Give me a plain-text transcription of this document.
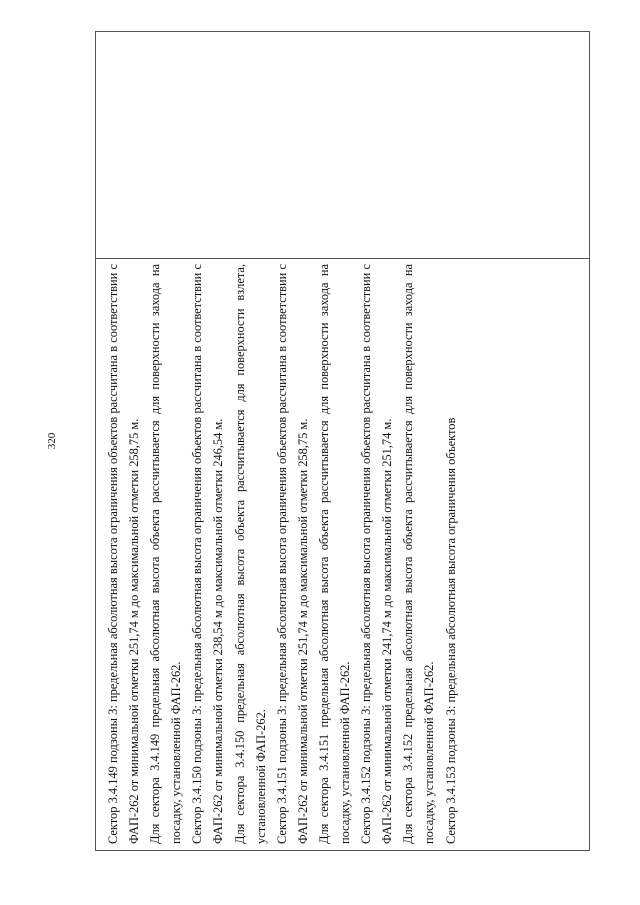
320	Сектор 3.4.149 подзоны 3: предельная абсолютная высота ограничения объектов рассчитана в соответствии с ФАП-262 от минимальной отметки 251,74 м до максимальной отметки 258,75 м. Для сектора 3.4.149 предельная абсолютная высота объекта рассчитывается для поверхности захода на посадку, установленной ФАП-262. Сектор 3.4.150 подзоны 3: предельная абсолютная высота ограничения объектов рассчитана в соответствии с ФАП-262 от минимальной отметки 238,54 м до максимальной отметки 246,54 м. Для сектора 3.4.150 предельная абсолютная высота объекта рассчитывается для поверхности взлета, установленной ФАП-262. Сектор 3.4.151 подзоны 3: предельная абсолютная высота ограничения объектов рассчитана в соответствии с ФАП-262 от минимальной отметки 251,74 м до максимальной отметки 258,75 м. Для сектора 3.4.151 предельная абсолютная высота объекта рассчитывается для поверхности захода на посадку, установленной ФАП-262. Сектор 3.4.152 подзоны 3: предельная абсолютная высота ограничения объектов рассчитана в соответствии с ФАП-262 от минимальной отметки 241,74 м до максимальной отметки 251,74 м. Для сектора 3.4.152 предельная абсолютная высота объекта рассчитывается для поверхности захода на посадку, установленной ФАП-262. Сектор 3.4.153 подзоны 3: предельная абсолютная высота ограничения объектов
